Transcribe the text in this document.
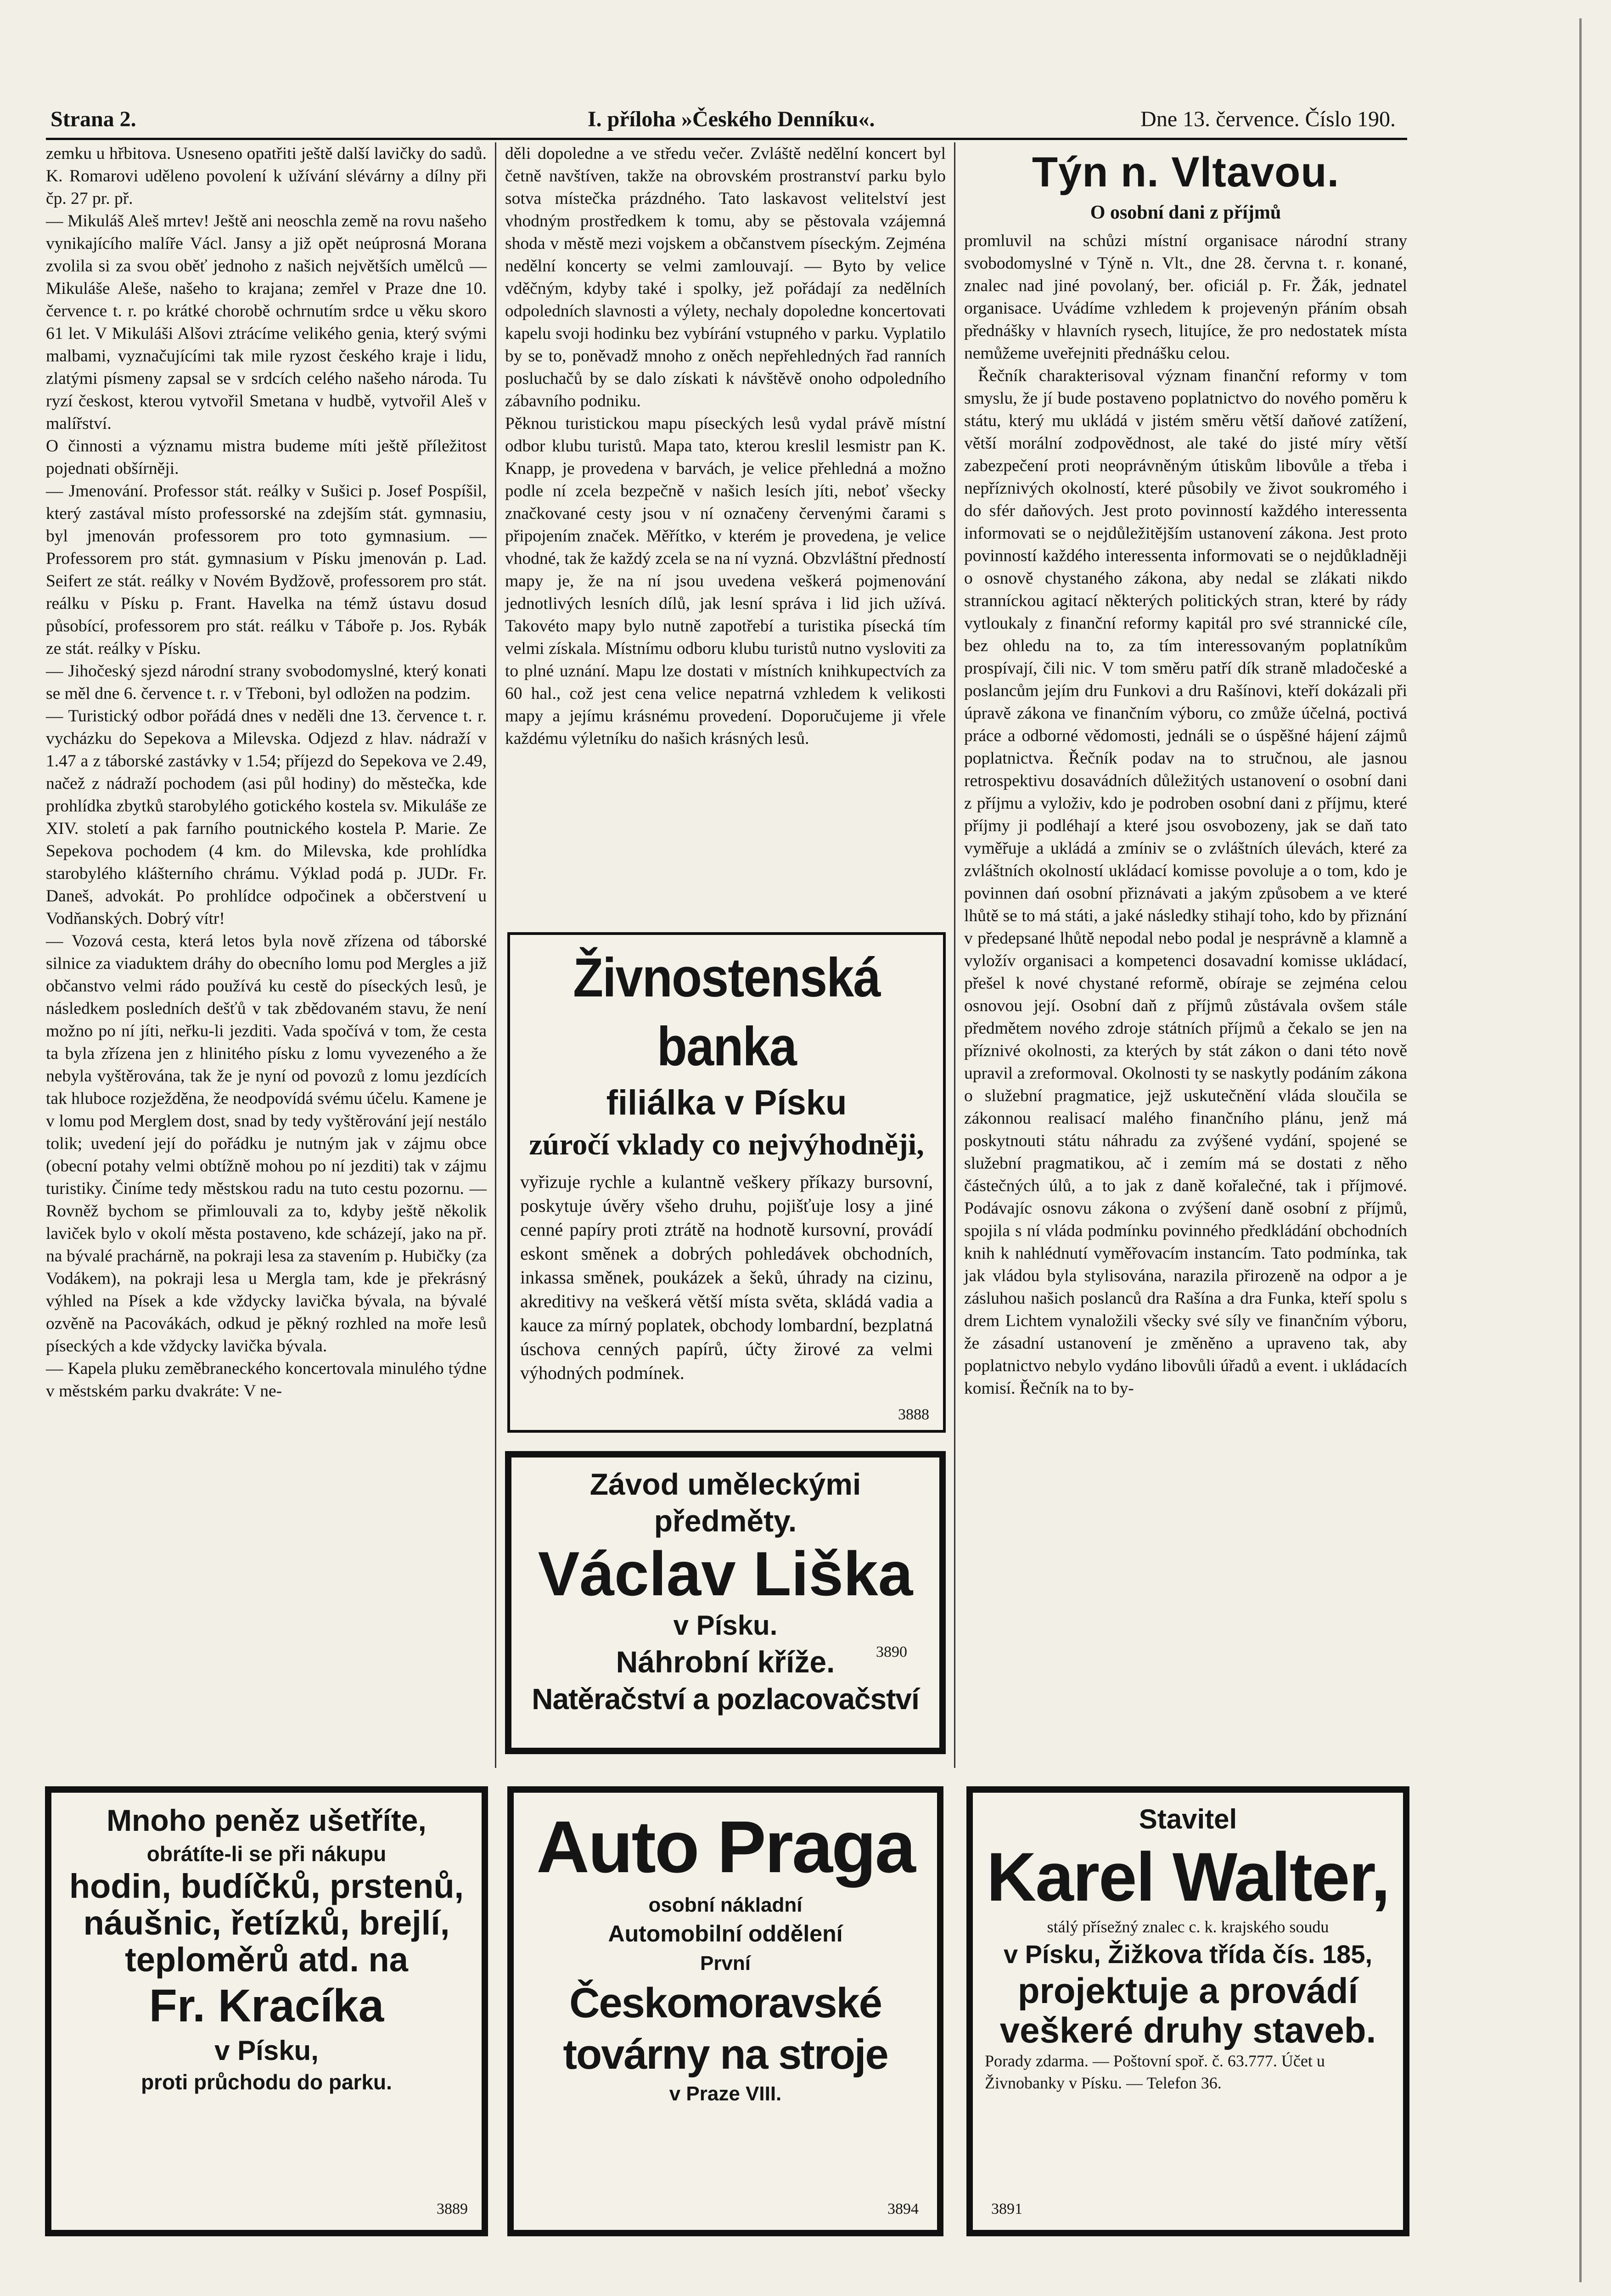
Strana 2.	I. příloha »Českého Denníku«.	Dne 13. července. Číslo 190.

zemku u hřbitova. Usneseno opatřiti ještě další lavičky do sadů. K. Romarovi uděleno povolení k užívání slévárny a dílny při čp. 27 pr. př.

— Mikuláš Aleš mrtev! Ještě ani neoschla země na rovu našeho vynikajícího malíře Václ. Jansy a již opět neúprosná Morana zvolila si za svou oběť jednoho z našich největších umělců — Mikuláše Aleše, našeho to krajana; zemřel v Praze dne 10. července t. r. po krátké chorobě ochrnutím srdce u věku skoro 61 let. V Mikuláši Alšovi ztrácíme velikého genia, který svými malbami, vyznačujícími tak mile ryzost českého kraje i lidu, zlatými písmeny zapsal se v srdcích celého našeho národa. Tu ryzí českost, kterou vytvořil Smetana v hudbě, vytvořil Aleš v malířství.

O činnosti a významu mistra budeme míti ještě příležitost pojednati obšírněji.

— Jmenování. Professor stát. reálky v Sušici p. Josef Pospíšil, který zastával místo professorské na zdejším stát. gymnasiu, byl jmenován professorem pro toto gymnasium. — Professorem pro stát. gymnasium v Písku jmenován p. Lad. Seifert ze stát. reálky v Novém Bydžově, professorem pro stát. reálku v Písku p. Frant. Havelka na témž ústavu dosud působící, professorem pro stát. reálku v Táboře p. Jos. Rybák ze stát. reálky v Písku.

— Jihočeský sjezd národní strany svobodomyslné, který konati se měl dne 6. července t. r. v Třeboni, byl odložen na podzim.

— Turistický odbor pořádá dnes v neděli dne 13. července t. r. vycházku do Sepekova a Milevska. Odjezd z hlav. nádraží v 1.47 a z táborské zastávky v 1.54; příjezd do Sepekova ve 2.49, načež z nádraží pochodem (asi půl hodiny) do městečka, kde prohlídka zbytků starobylého gotického kostela sv. Mikuláše ze XIV. století a pak farního poutnického kostela P. Marie. Ze Sepekova pochodem (4 km. do Milevska, kde prohlídka starobylého klášterního chrámu. Výklad podá p. JUDr. Fr. Daneš, advokát. Po prohlídce odpočinek a občerstvení u Vodňanských. Dobrý vítr!

— Vozová cesta, která letos byla nově zřízena od táborské silnice za viaduktem dráhy do obecního lomu pod Mergles a již občanstvo velmi rádo používá ku cestě do píseckých lesů, je následkem posledních dešťů v tak zbědovaném stavu, že není možno po ní jíti, neřku-li jezditi. Vada spočívá v tom, že cesta ta byla zřízena jen z hlinitého písku z lomu vyvezeného a že nebyla vyštěrována, tak že je nyní od povozů z lomu jezdících tak hluboce rozježděna, že neodpovídá svému účelu. Kamene je v lomu pod Merglem dost, snad by tedy vyštěrování její nestálo tolik; uvedení její do pořádku je nutným jak v zájmu obce (obecní potahy velmi obtížně mohou po ní jezditi) tak v zájmu turistiky. Činíme tedy městskou radu na tuto cestu pozornu. — Rovněž bychom se přimlouvali za to, kdyby ještě několik laviček bylo v okolí města postaveno, kde scházejí, jako na př. na bývalé prachárně, na pokraji lesa za stavením p. Hubičky (za Vodákem), na pokraji lesa u Mergla tam, kde je překrásný výhled na Písek a kde vždycky lavička bývala, na bývalé ozvěně na Pacovákách, odkud je pěkný rozhled na moře lesů píseckých a kde vždycky lavička bývala.

— Kapela pluku zeměbraneckého koncertovala minulého týdne v městském parku dvakráte: V ne-

děli dopoledne a ve středu večer. Zvláště nedělní koncert byl četně navštíven, takže na obrovském prostranství parku bylo sotva místečka prázdného. Tato laskavost velitelství jest vhodným prostředkem k tomu, aby se pěstovala vzájemná shoda v městě mezi vojskem a občanstvem píseckým. Zejména nedělní koncerty se velmi zamlouvají. — Byto by velice vděčným, kdyby také i spolky, jež pořádají za nedělních odpoledních slavnosti a výlety, nechaly dopoledne koncertovati kapelu svoji hodinku bez vybírání vstupného v parku. Vyplatilo by se to, poněvadž mnoho z oněch nepřehledných řad ranních posluchačů by se dalo získati k návštěvě onoho odpoledního zábavního podniku.

Pěknou turistickou mapu píseckých lesů vydal právě místní odbor klubu turistů. Mapa tato, kterou kreslil lesmistr pan K. Knapp, je provedena v barvách, je velice přehledná a možno podle ní zcela bezpečně v našich lesích jíti, neboť všecky značkované cesty jsou v ní označeny červenými čarami s připojením značek. Měřítko, v kterém je provedena, je velice vhodné, tak že každý zcela se na ní vyzná. Obzvláštní předností mapy je, že na ní jsou uvedena veškerá pojmenování jednotlivých lesních dílů, jak lesní správa i lid jich užívá. Takovéto mapy bylo nutně zapotřebí a turistika písecká tím velmi získala. Místnímu odboru klubu turistů nutno vysloviti za to plné uznání. Mapu lze dostati v místních knihkupectvích za 60 hal., což jest cena velice nepatrná vzhledem k velikosti mapy a jejímu krásnému provedení. Doporučujeme ji vřele každému výletníku do našich krásných lesů.

Týn n. Vltavou.
O osobní dani z příjmů

promluvil na schůzi místní organisace národní strany svobodomyslné v Týně n. Vlt., dne 28. června t. r. konané, znalec nad jiné povolaný, ber. oficiál p. Fr. Žák, jednatel organisace. Uvádíme vzhledem k projevenýn přáním obsah přednášky v hlavních rysech, litujíce, že pro nedostatek místa nemůžeme uveřejniti přednášku celou.

Řečník charakterisoval význam finanční reformy v tom smyslu, že jí bude postaveno poplatnictvo do nového poměru k státu, který mu ukládá v jistém směru větší daňové zatížení, větší morální zodpovědnost, ale také do jisté míry větší zabezpečení proti neoprávněným útiskům libovůle a třeba i nepříznivých okolností, které působily ve život soukromého i do sfér daňových. Jest proto povinností každého interessenta informovati se o nejdůležitějším ustanovení zákona. Jest proto povinností každého interessenta informovati se o nejdůkladněji o osnově chystaného zákona, aby nedal se zlákati nikdo stranníckou agitací některých politických stran, které by rády vytloukaly z finanční reformy kapitál pro své strannické cíle, bez ohledu na to, za tím interessovaným poplatníkům prospívají, čili nic. V tom směru patří dík straně mladočeské a poslancům jejím dru Funkovi a dru Rašínovi, kteří dokázali při úpravě zákona ve finančním výboru, co zmůže účelná, poctivá práce a odborné vědomosti, jednáli se o úspěšné hájení zájmů poplatnictva. Řečník podav na to stručnou, ale jasnou retrospektivu dosavádních důležitých ustanovení o osobní dani z příjmu a vyloživ, kdo je podroben osobní dani z příjmu, které příjmy ji podléhají a které jsou osvobozeny, jak se daň tato vyměřuje a ukládá a zmíniv se o zvláštních úlevách, které za zvláštních okolností ukládací komisse povoluje a o tom, kdo je povinnen dań osobní přiznávati a jakým způsobem a ve které lhůtě se to má státi, a jaké následky stihají toho, kdo by přiznání v předepsané lhůtě nepodal nebo podal je nesprávně a klamně a vyložív organisaci a kompetenci dosavadní komisse ukládací, přešel k nové chystané reformě, obíraje se zejména celou osnovou její. Osobní daň z příjmů zůstávala ovšem stále předmětem nového zdroje státních příjmů a čekalo se jen na příznivé okolnosti, za kterých by stát zákon o dani této nově upravil a zreformoval. Okolnosti ty se naskytly podáním zákona o služební pragmatice, jejž uskutečnění vláda sloučila se zákonnou realisací malého finančního plánu, jenž má poskytnouti státu náhradu za zvýšené vydání, spojené se služební pragmatikou, ač i zemím má se dostati z něho částečných úlů, a to jak z daně kořalečné, tak i příjmové. Podávajíc osnovu zákona o zvýšení daně osobní z příjmů, spojila s ní vláda podmínku povinného předkládání obchodních knih k nahlédnutí vyměřovacím instancím. Tato podmínka, tak jak vládou byla stylisována, narazila přirozeně na odpor a je zásluhou našich poslanců dra Rašína a dra Funka, kteří spolu s drem Lichtem vynaložili všecky své síly ve finančním výboru, že zásadní ustanovení je změněno a upraveno tak, aby poplatnictvo nebylo vydáno libovůli úřadů a event. i ukládacích komisí. Řečník na to by-

Živnostenská banka
filiálka v Písku
zúročí vklady co nejvýhodněji,
vyřizuje rychle a kulantně veškery příkazy bursovní, poskytuje úvěry všeho druhu, pojišťuje losy a jiné cenné papíry proti ztrátě na hodnotě kursovní, provádí eskont směnek a dobrých pohledávek obchodních, inkassa směnek, poukázek a šeků, úhrady na cizinu, akreditivy na veškerá větší místa světa, skládá vadia a kauce za mírný poplatek, obchody lombardní, bezplatná úschova cenných papírů, účty žirové za velmi výhodných podmínek.
3888
Závod uměleckými předměty.
Václav Liška
v Písku.
3890
Náhrobní kříže.
Natěračství a pozlacovačství
Mnoho peněz ušetříte,
obrátíte-li se při nákupu
hodin, budíčků, prstenů, náušnic, řetízků, brejlí, teploměrů atd. na
Fr. Kracíka
v Písku,
proti průchodu do parku.
3889
Auto Praga
osobní nákladní
Automobilní oddělení
První
Českomoravské továrny na stroje
v Praze VIII.
3894
Stavitel
Karel Walter,
stálý přísežný znalec c. k. krajského soudu
v Písku, Žižkova třída čís. 185,
projektuje a provádí veškeré druhy staveb.
Porady zdarma. — Poštovní spoř. č. 63.777. Účet u Živnobanky v Písku. — Telefon 36.
3891
